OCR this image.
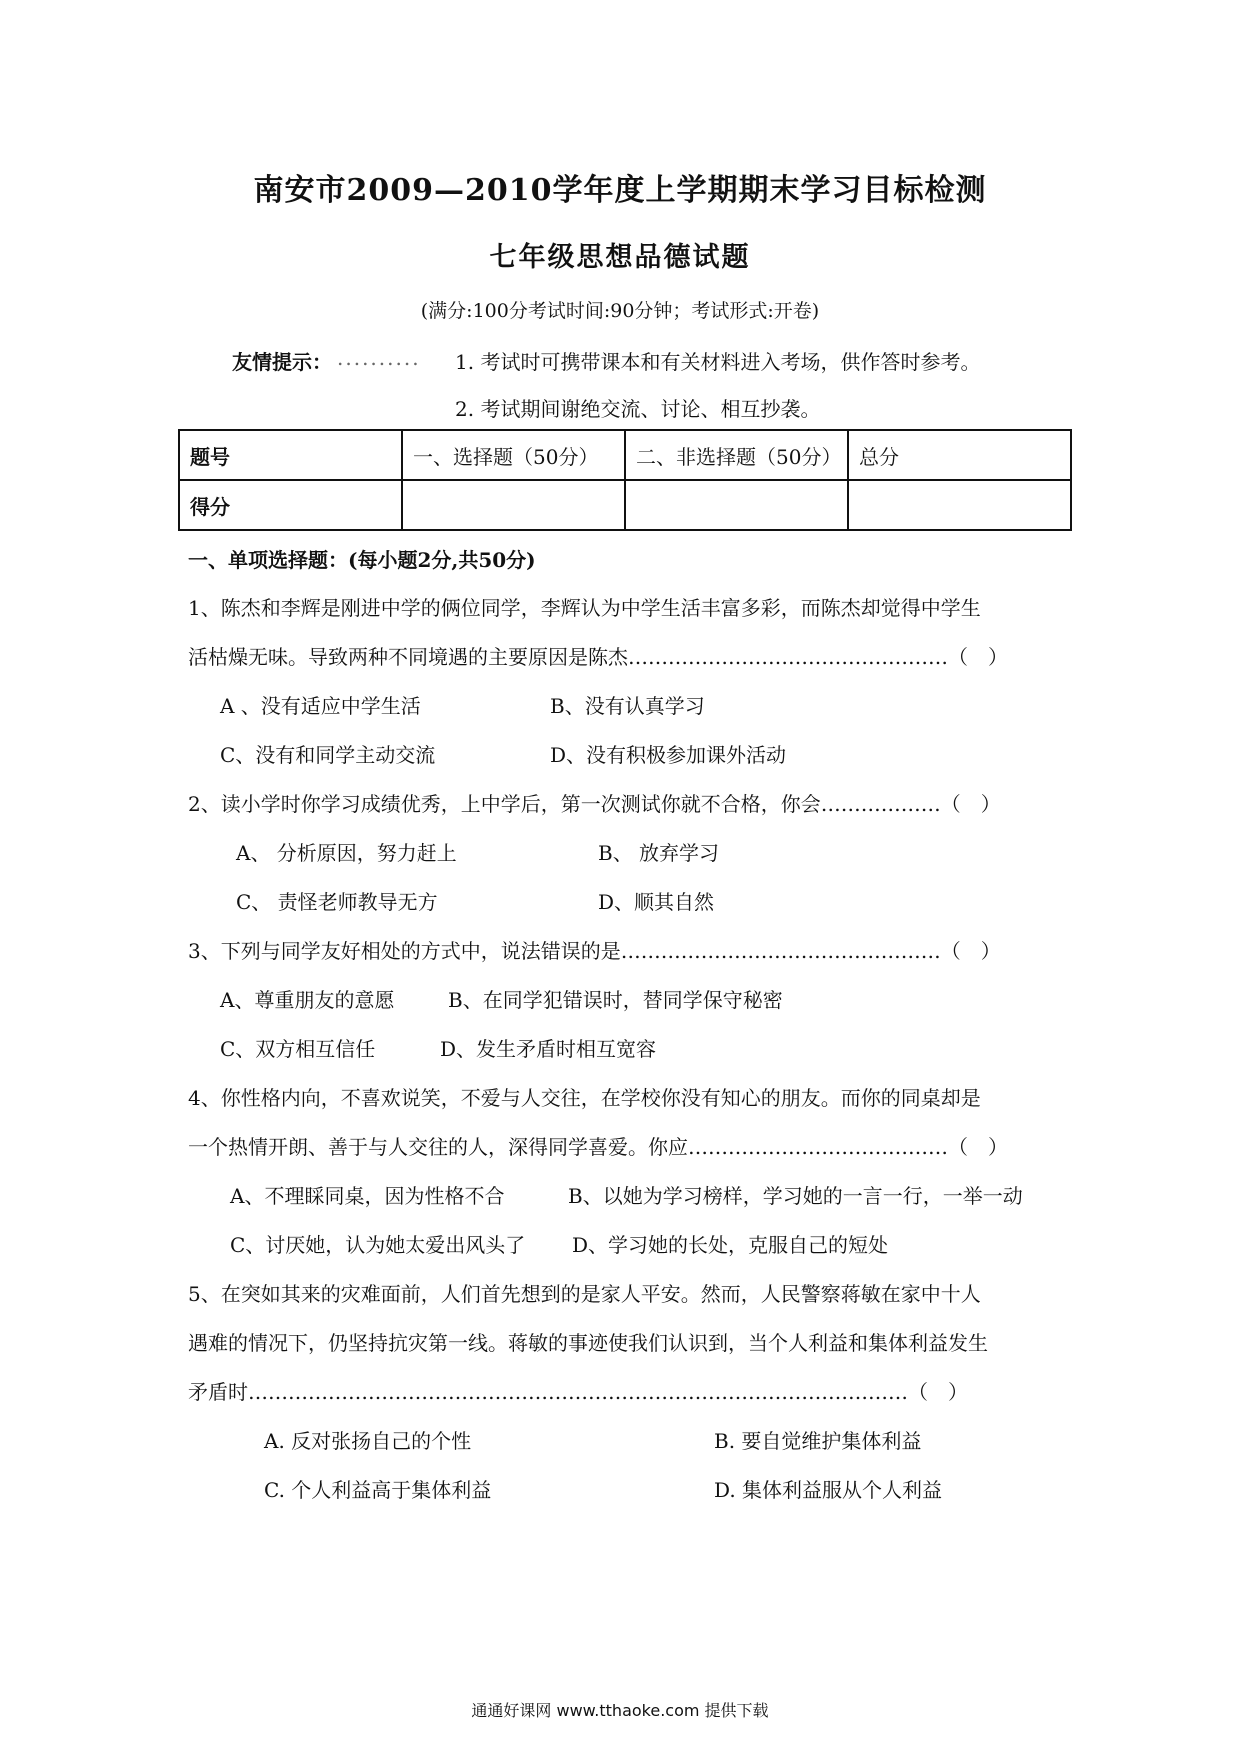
南安市2009—2010学年度上学期期末学习目标检测
七年级思想品德试题
(满分:100分考试时间:90分钟；考试形式:开卷)
友情提示： .......... 1. 考试时可携带课本和有关材料进入考场，供作答时参考。
2. 考试期间谢绝交流、讨论、相互抄袭。
题号	一、选择题（50分）	二、非选择题（50分）	总分
得分			
一、单项选择题：(每小题2分,共50分)
1、陈杰和李辉是刚进中学的俩位同学，李辉认为中学生活丰富多彩，而陈杰却觉得中学生
活枯燥无味。导致两种不同境遇的主要原因是陈杰…………………………………………（　）
A 、没有适应中学生活	B、没有认真学习
C、没有和同学主动交流	D、没有积极参加课外活动
2、读小学时你学习成绩优秀，上中学后，第一次测试你就不合格，你会………………（　）
A、 分析原因，努力赶上	B、 放弃学习
C、 责怪老师教导无方	D、顺其自然
3、下列与同学友好相处的方式中，说法错误的是…………………………………………（　）
A、尊重朋友的意愿	B、在同学犯错误时，替同学保守秘密
C、双方相互信任	D、发生矛盾时相互宽容
4、你性格内向，不喜欢说笑，不爱与人交往，在学校你没有知心的朋友。而你的同桌却是
一个热情开朗、善于与人交往的人，深得同学喜爱。你应…………………………………（　）
A、不理睬同桌，因为性格不合	B、以她为学习榜样，学习她的一言一行，一举一动
C、讨厌她，认为她太爱出风头了 D、学习她的长处，克服自己的短处
5、在突如其来的灾难面前，人们首先想到的是家人平安。然而，人民警察蒋敏在家中十人
遇难的情况下，仍坚持抗灾第一线。蒋敏的事迹使我们认识到，当个人利益和集体利益发生
矛盾时………………………………………………………………………………………（　）
A. 反对张扬自己的个性	B. 要自觉维护集体利益
C. 个人利益高于集体利益	D. 集体利益服从个人利益
通通好课网 www.tthaoke.com 提供下载
